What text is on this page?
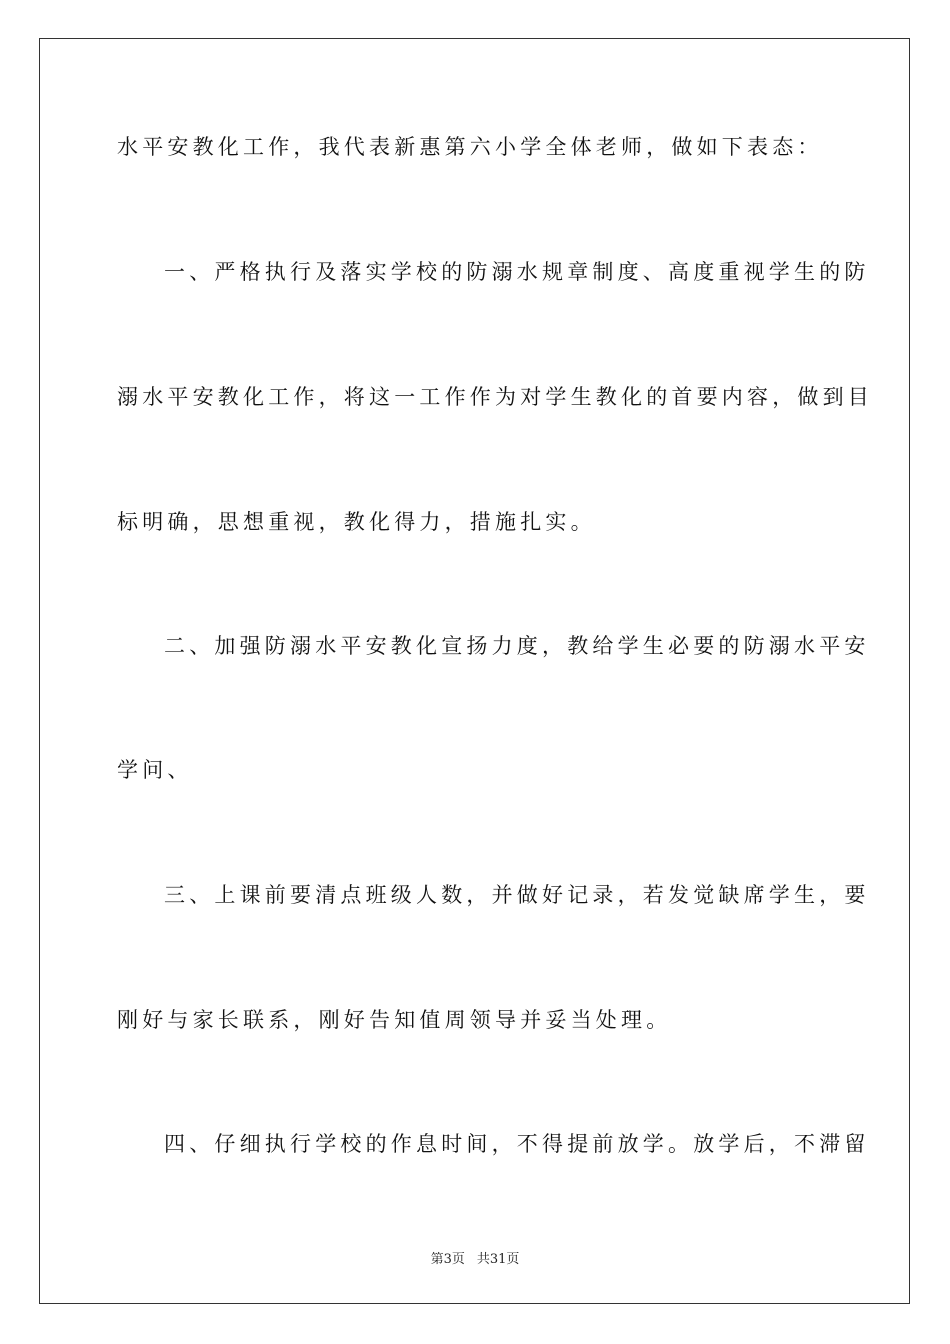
水平安教化工作，我代表新惠第六小学全体老师，做如下表态：
一、严格执行及落实学校的防溺水规章制度、高度重视学生的防
溺水平安教化工作，将这一工作作为对学生教化的首要内容，做到目
标明确，思想重视，教化得力，措施扎实。
二、加强防溺水平安教化宣扬力度，教给学生必要的防溺水平安
学问、
三、上课前要清点班级人数，并做好记录，若发觉缺席学生，要
刚好与家长联系，刚好告知值周领导并妥当处理。
四、仔细执行学校的作息时间，不得提前放学。放学后，不滞留
第3页 共31页
